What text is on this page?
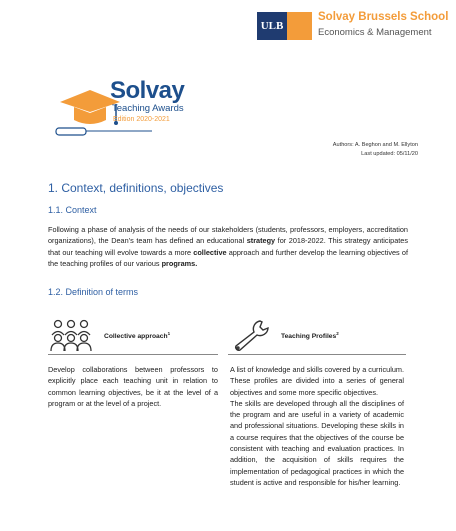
ULB
Solvay Brussels School
Economics & Management
Solvay
Teaching Awards
Edition 2020-2021
Authors: A. Beghon and M. Ellyton
Last updated: 05/11/20
1. Context, definitions, objectives
1.1. Context
Following a phase of analysis of the needs of our stakeholders (students, professors, employers, accreditation organizations), the Dean’s team has defined an educational strategy for 2018-2022. This strategy anticipates that our teaching will evolve towards a more collective approach and further develop the learning objectives of the teaching profiles of our various programs.
1.2. Definition of terms
Collective approach$^1$	Teaching Profiles$^2$

Develop collaborations between professors to explicitly place each teaching unit in relation to common learning objectives, be it at the level of a program or at the level of a project.

A list of knowledge and skills covered by a curriculum. These profiles are divided into a series of general objectives and some more specific objectives.

The skills are developed through all the disciplines of the program and are useful in a variety of academic and professional situations. Developing these skills in a course requires that the objectives of the course be consistent with teaching and evaluation practices. In addition, the acquisition of skills requires the implementation of pedagogical practices in which the student is active and responsible for his/her learning.
